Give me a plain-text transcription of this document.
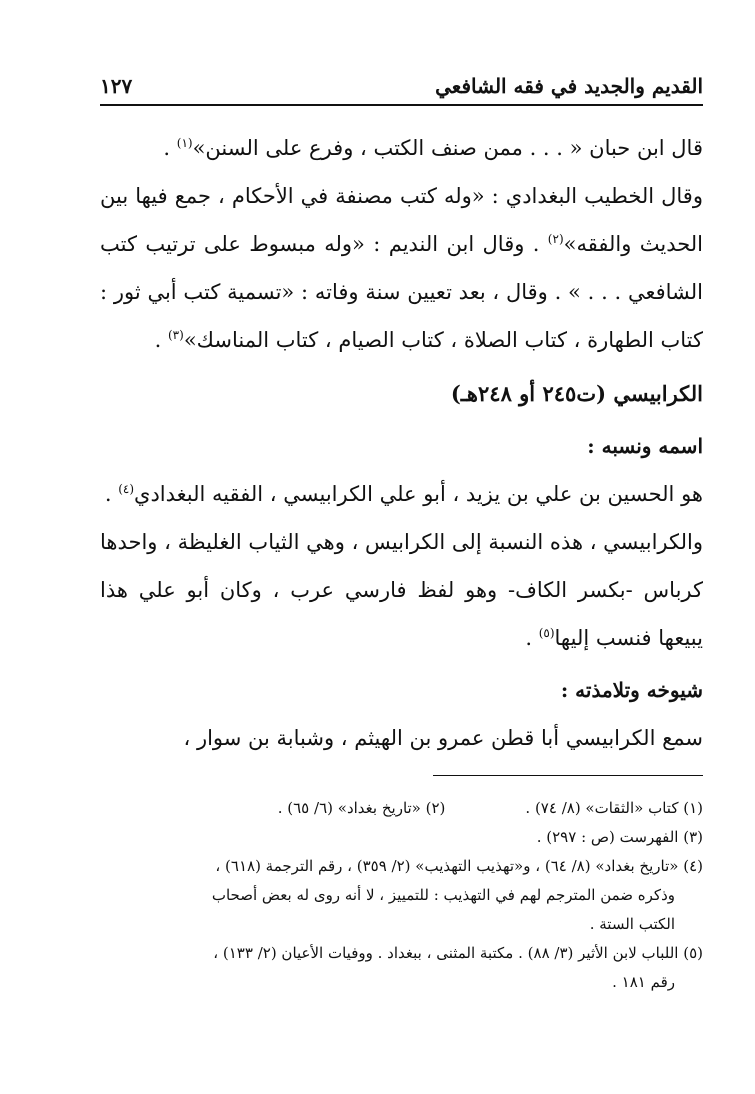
القديم والجديد في فقه الشافعي
١٢٧

قال ابن حبان « . . . ممن صنف الكتب ، وفرع على السنن»$^{(١)}$ .

وقال الخطيب البغدادي : «وله كتب مصنفة في الأحكام ، جمع فيها بين الحديث والفقه»$^{(٢)}$ . وقال ابن النديم : «وله مبسوط على ترتيب كتب الشافعي . . . » . وقال ، بعد تعيين سنة وفاته : «تسمية كتب أبي ثور : كتاب الطهارة ، كتاب الصلاة ، كتاب الصيام ، كتاب المناسك»$^{(٣)}$ .

الكرابيسي (ت٢٤٥ أو ٢٤٨هـ)

اسمه ونسبه :

هو الحسين بن علي بن يزيد ، أبو علي الكرابيسي ، الفقيه البغدادي$^{(٤)}$ .

والكرابيسي ، هذه النسبة إلى الكرابيس ، وهي الثياب الغليظة ، واحدها كرباس -بكسر الكاف- وهو لفظ فارسي عرب ، وكان أبو علي هذا يبيعها فنسب إليها$^{(٥)}$ .

شيوخه وتلامذته :

سمع الكرابيسي أبا قطن عمرو بن الهيثم ، وشبابة بن سوار ،

(١) كتاب «الثقات» (٨/ ٧٤) .
(٢) «تاريخ بغداد» (٦/ ٦٥) .

(٣) الفهرست (ص : ٢٩٧) .

(٤) «تاريخ بغداد» (٨/ ٦٤) ، و«تهذيب التهذيب» (٢/ ٣٥٩) ، رقم الترجمة (٦١٨) ،

وذكره ضمن المترجم لهم في التهذيب : للتمييز ، لا أنه روى له بعض أصحاب

الكتب الستة .

(٥) اللباب لابن الأثير (٣/ ٨٨) . مكتبة المثنى ، ببغداد . ووفيات الأعيان (٢/ ١٣٣) ،

رقم ١٨١ .
